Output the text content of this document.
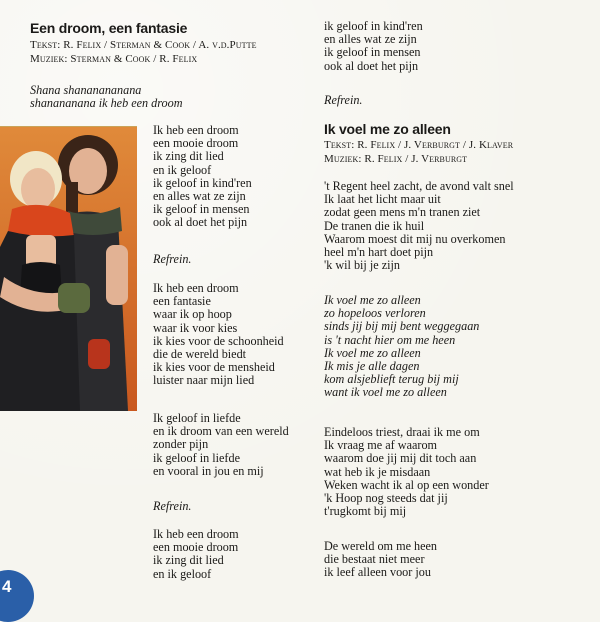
Een droom, een fantasie
Tekst: R. Felix / Sterman & Cook / A. v.d.Putte
Muziek: Sterman & Cook / R. Felix
Shana shananananana
shanananana ik heb een droom
Ik heb een droom
een mooie droom
ik zing dit lied
en ik geloof
ik geloof in kind'ren
en alles wat ze zijn
ik geloof in mensen
ook al doet het pijn
Refrein.
Ik heb een droom
een fantasie
waar ik op hoop
waar ik voor kies
ik kies voor de schoonheid
die de wereld biedt
ik kies voor de mensheid
luister naar mijn lied
Ik geloof in liefde
en ik droom van een wereld
zonder pijn
ik geloof in liefde
en vooral in jou en mij
Refrein.
Ik heb een droom
een mooie droom
ik zing dit lied
en ik geloof
ik geloof in kind'ren
en alles wat ze zijn
ik geloof in mensen
ook al doet het pijn
Refrein.
Ik voel me zo alleen
Tekst: R. Felix / J. Verburgt / J. Klaver
Muziek: R. Felix / J. Verburgt
't Regent heel zacht, de avond valt snel
Ik laat het licht maar uit
zodat geen mens m'n tranen ziet
De tranen die ik huil
Waarom moest dit mij nu overkomen
heel m'n hart doet pijn
'k wil bij je zijn
Ik voel me zo alleen
zo hopeloos verloren
sinds jij bij mij bent weggegaan
is 't nacht hier om me heen
Ik voel me zo alleen
Ik mis je alle dagen
kom alsjeblieft terug bij mij
want ik voel me zo alleen
Eindeloos triest, draai ik me om
Ik vraag me af waarom
waarom doe jij mij dit toch aan
wat heb ik je misdaan
Weken wacht ik al op een wonder
'k Hoop nog steeds dat jij
t'rugkomt bij mij
De wereld om me heen
die bestaat niet meer
ik leef alleen voor jou
4
